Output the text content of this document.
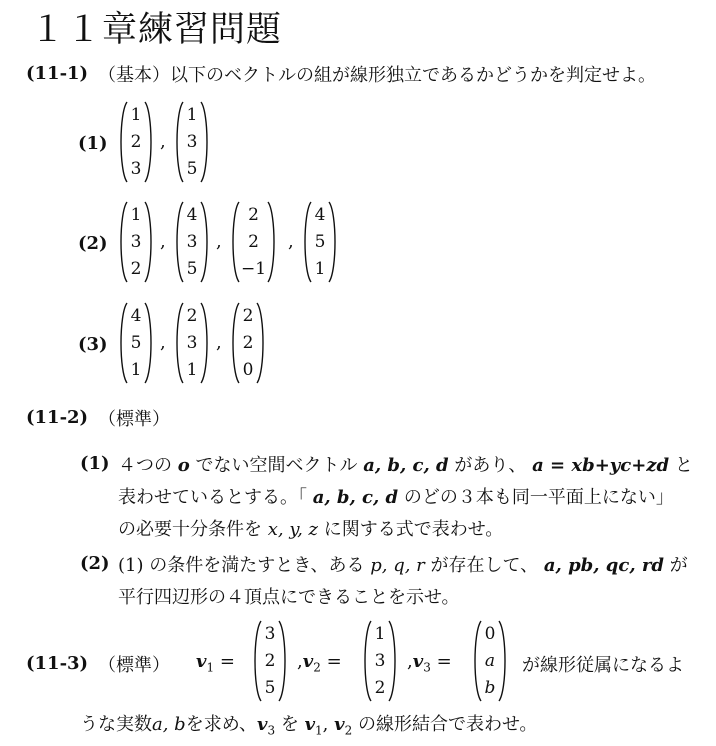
１１章練習問題
(11-1) （基本）以下のベクトルの組が線形独立であるかどうかを判定せよ。
(1)
(2)
(3)
(11-2) （標準）
(1) ４つの o でない空間ベクトル a, b, c, d があり、 a = xb+yc+zd と
表わせているとする。「 a, b, c, d のどの３本も同一平面上にない」
の必要十分条件を x, y, z に関する式で表わせ。
(2) (1) の条件を満たすとき、ある p, q, r が存在して、 a, pb, qc, rd が
平行四辺形の４頂点にできることを示せ。
(11-3) （標準） $v_1$ =	$,v_2$ =	$,v_3$ =	が線形従属になるよ
うな実数a, bを求め、$v_3$ を $v_1$, $v_2$ の線形結合で表わせ。
1
2
3
,
1
3
5
1
3
2
,
4
3
5
,
2
2
−1
,
4
5
1
4
5
1
,
2
3
1
,
2
2
0
3
2
5
1
3
2
0
a
b
